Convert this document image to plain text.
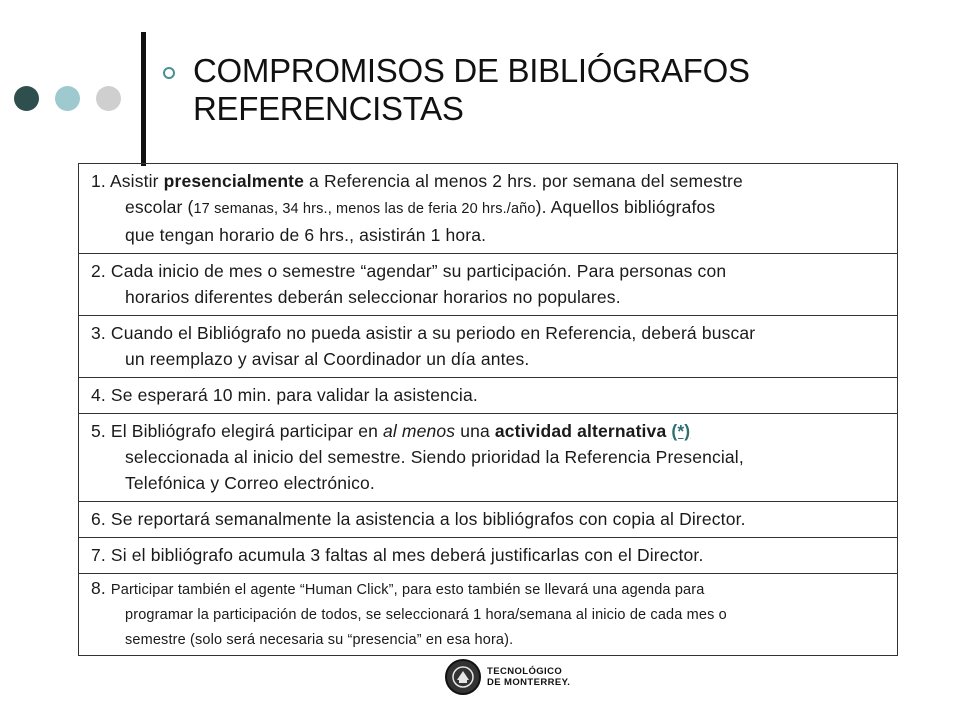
COMPROMISOS DE BIBLIÓGRAFOS
REFERENCISTAS
1. Asistir presencialmente a Referencia al menos 2 hrs. por semana del semestre
escolar (17 semanas, 34 hrs., menos las de feria 20 hrs./año). Aquellos bibliógrafos
que tengan horario de 6 hrs., asistirán 1 hora.
2. Cada inicio de mes o semestre “agendar” su participación. Para personas con
horarios diferentes deberán seleccionar horarios no populares.
3. Cuando el Bibliógrafo no pueda asistir a su periodo en Referencia, deberá buscar
un reemplazo y avisar al Coordinador un día antes.
4. Se esperará 10 min. para validar la asistencia.
5. El Bibliógrafo elegirá participar en al menos una actividad alternativa (*)
seleccionada al inicio del semestre. Siendo prioridad la Referencia Presencial,
Telefónica y Correo electrónico.
6. Se reportará semanalmente la asistencia a los bibliógrafos con copia al Director.
7. Si el bibliógrafo acumula 3 faltas al mes deberá justificarlas con el Director.
8. Participar también el agente “Human Click”, para esto también se llevará una agenda para
programar la participación de todos, se seleccionará 1 hora/semana al inicio de cada mes o
semestre (solo será necesaria su “presencia” en esa hora).
TECNOLÓGICO
DE MONTERREY.
